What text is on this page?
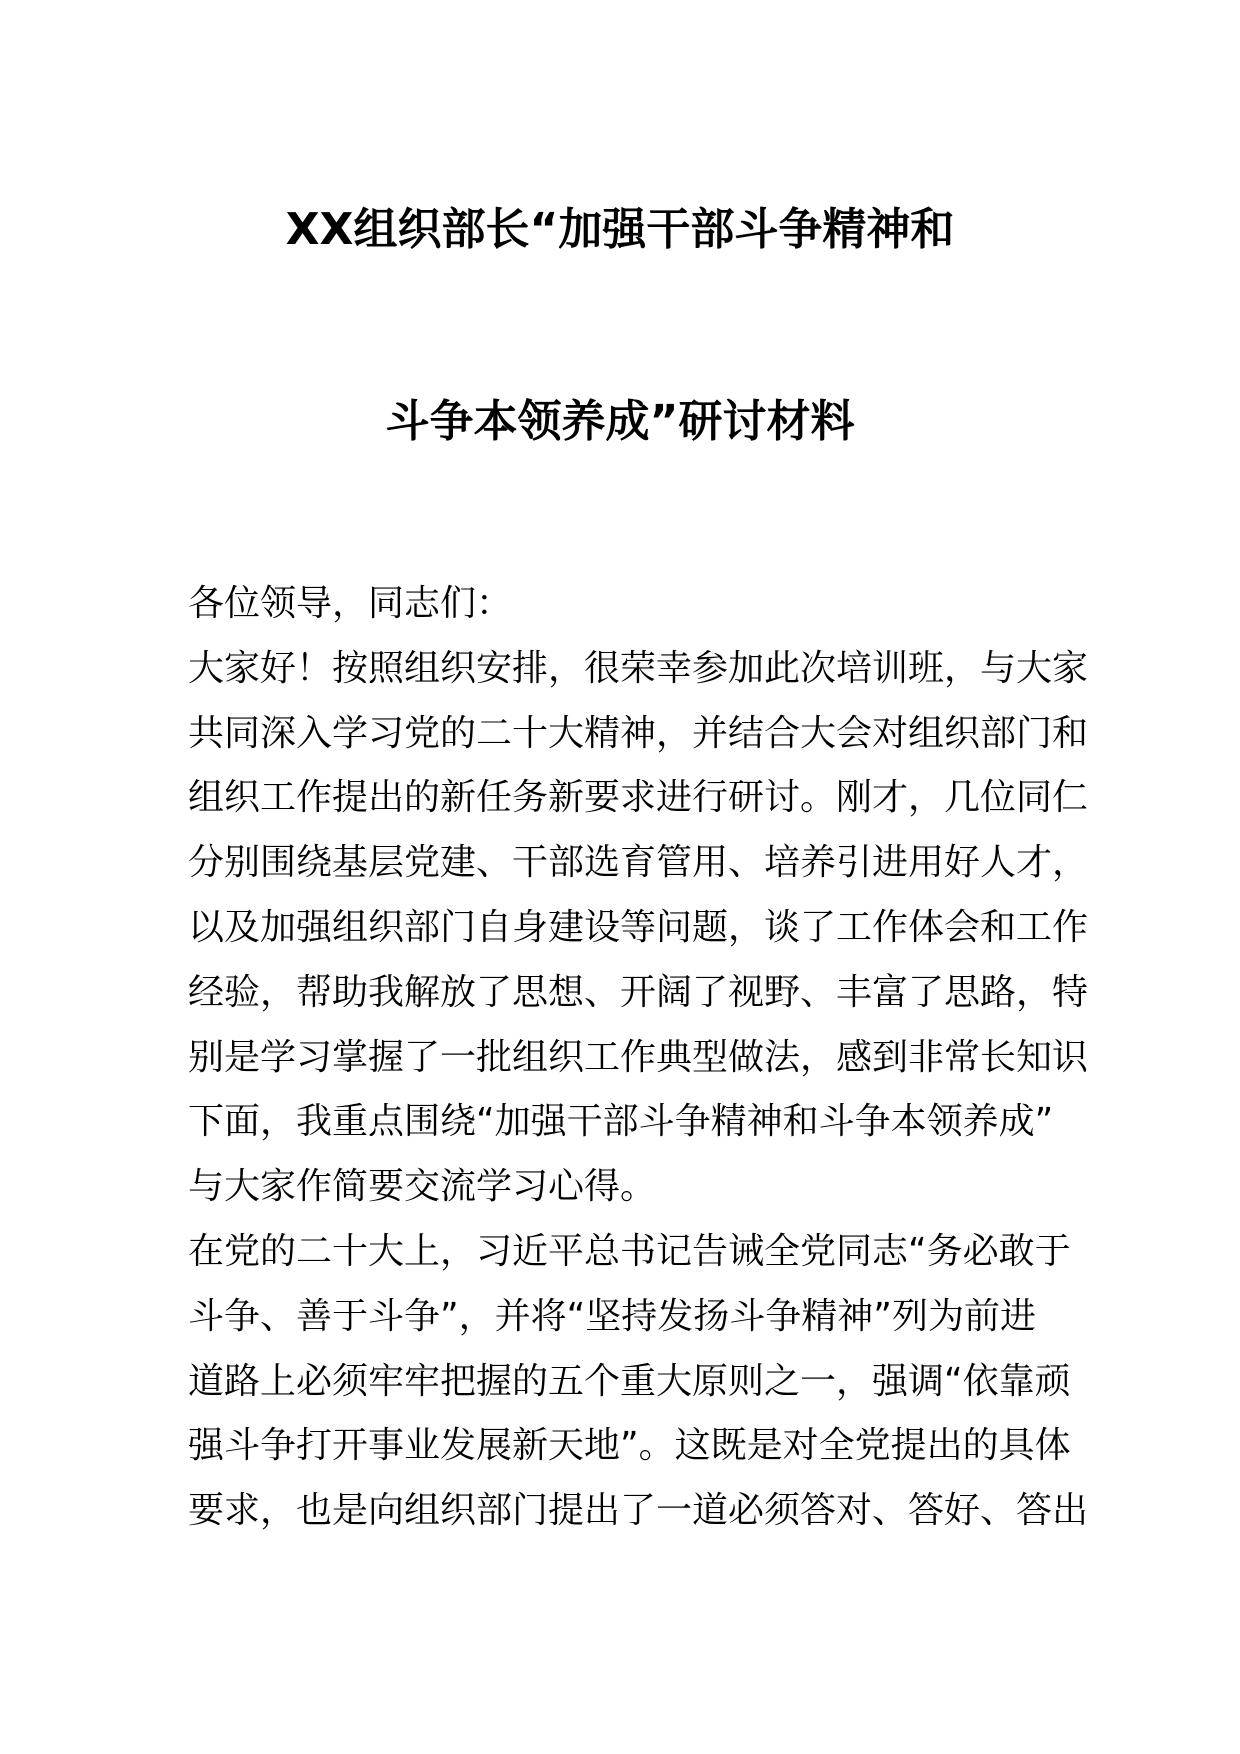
XX组织部长“加强干部斗争精神和
斗争本领养成”研讨材料
各位领导，同志们：
大家好！按照组织安排，很荣幸参加此次培训班，与大家
共同深入学习党的二十大精神，并结合大会对组织部门和
组织工作提出的新任务新要求进行研讨。刚才，几位同仁
分别围绕基层党建、干部选育管用、培养引进用好人才，
以及加强组织部门自身建设等问题，谈了工作体会和工作
经验，帮助我解放了思想、开阔了视野、丰富了思路，特
别是学习掌握了一批组织工作典型做法，感到非常长知识
下面，我重点围绕“加强干部斗争精神和斗争本领养成”
与大家作简要交流学习心得。
在党的二十大上，习近平总书记告诫全党同志“务必敢于
斗争、善于斗争”，并将“坚持发扬斗争精神”列为前进
道路上必须牢牢把握的五个重大原则之一，强调“依靠顽
强斗争打开事业发展新天地”。这既是对全党提出的具体
要求，也是向组织部门提出了一道必须答对、答好、答出
